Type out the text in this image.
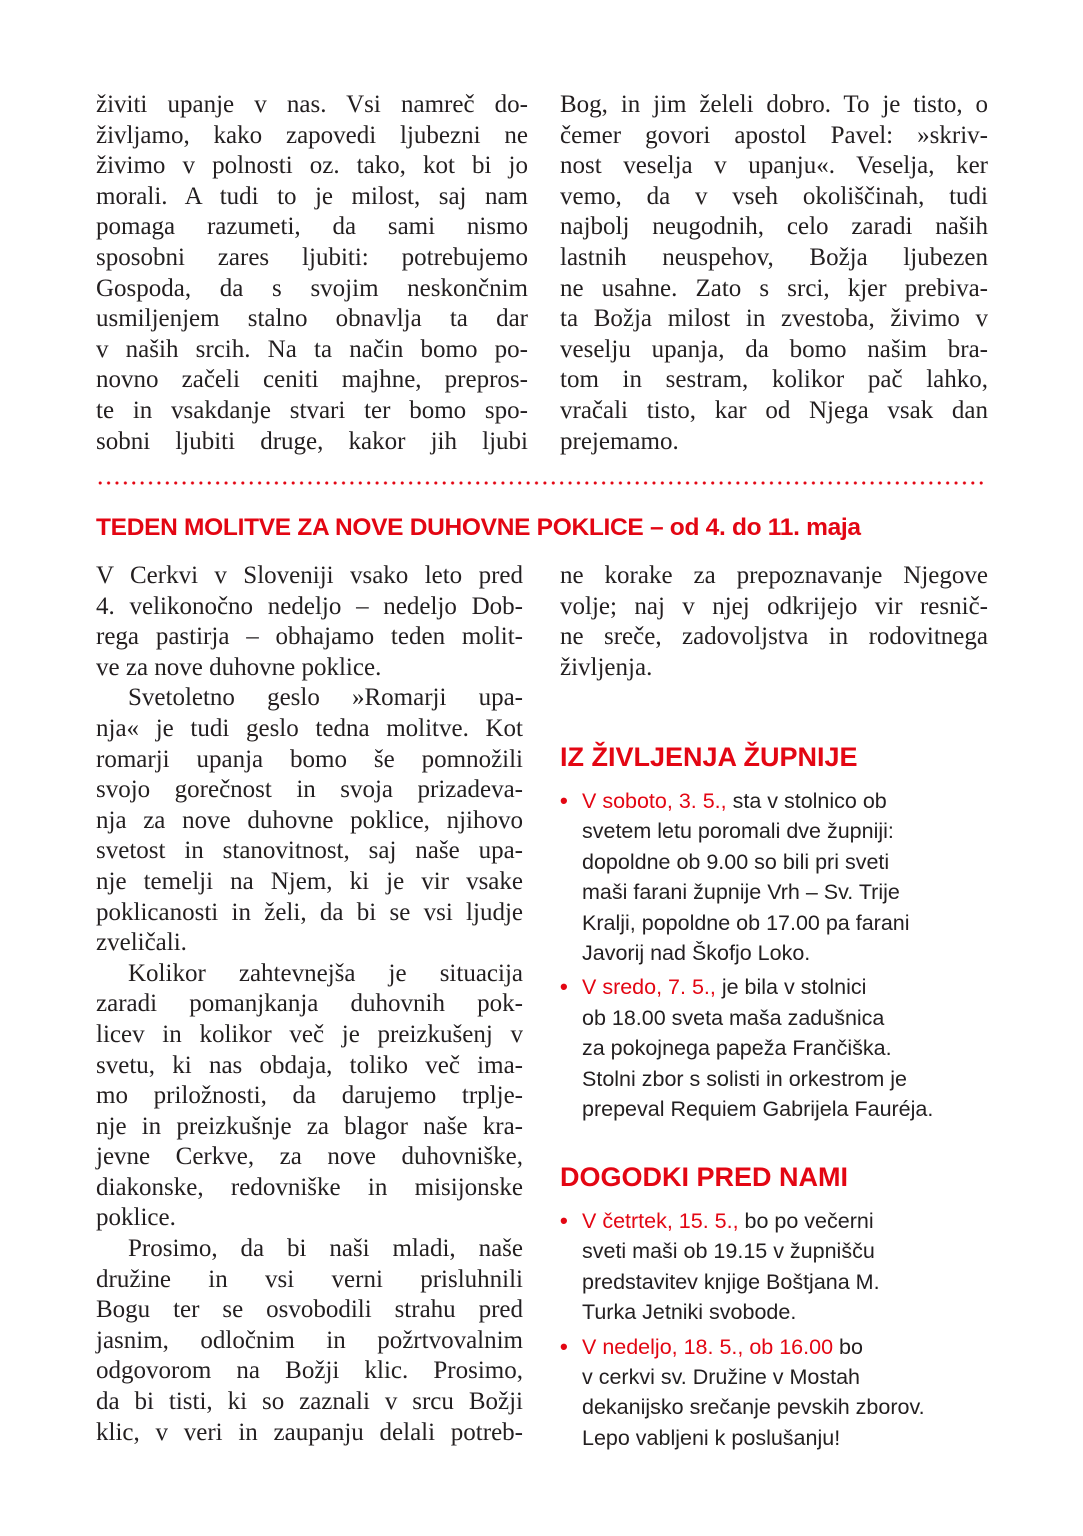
živiti upanje v nas. Vsi namreč do-
življamo, kako zapovedi ljubezni ne
živimo v polnosti oz. tako, kot bi jo
morali. A tudi to je milost, saj nam
pomaga razumeti, da sami nismo
sposobni zares ljubiti: potrebujemo
Gospoda, da s svojim neskončnim
usmiljenjem stalno obnavlja ta dar
v naših srcih. Na ta način bomo po-
novno začeli ceniti majhne, prepros-
te in vsakdanje stvari ter bomo spo-
sobni ljubiti druge, kakor jih ljubi
Bog, in jim želeli dobro. To je tisto, o
čemer govori apostol Pavel: »skriv-
nost veselja v upanju«. Veselja, ker
vemo, da v vseh okoliščinah, tudi
najbolj neugodnih, celo zaradi naših
lastnih neuspehov, Božja ljubezen
ne usahne. Zato s srci, kjer prebiva-
ta Božja milost in zvestoba, živimo v
veselju upanja, da bomo našim bra-
tom in sestram, kolikor pač lahko,
vračali tisto, kar od Njega vsak dan
prejemamo.
TEDEN MOLITVE ZA NOVE DUHOVNE POKLICE – od 4. do 11. maja
V Cerkvi v Sloveniji vsako leto pred
4. velikonočno nedeljo – nedeljo Dob-
rega pastirja – obhajamo teden molit-
ve za nove duhovne poklice.
Svetoletno geslo »Romarji upa-
nja« je tudi geslo tedna molitve. Kot
romarji upanja bomo še pomnožili
svojo gorečnost in svoja prizadeva-
nja za nove duhovne poklice, njihovo
svetost in stanovitnost, saj naše upa-
nje temelji na Njem, ki je vir vsake
poklicanosti in želi, da bi se vsi ljudje
zveličali.
Kolikor zahtevnejša je situacija
zaradi pomanjkanja duhovnih pok-
licev in kolikor več je preizkušenj v
svetu, ki nas obdaja, toliko več ima-
mo priložnosti, da darujemo trplje-
nje in preizkušnje za blagor naše kra-
jevne Cerkve, za nove duhovniške,
diakonske, redovniške in misijonske
poklice.
Prosimo, da bi naši mladi, naše
družine in vsi verni prisluhnili
Bogu ter se osvobodili strahu pred
jasnim, odločnim in požrtvovalnim
odgovorom na Božji klic. Prosimo,
da bi tisti, ki so zaznali v srcu Božji
klic, v veri in zaupanju delali potreb-
ne korake za prepoznavanje Njegove
volje; naj v njej odkrijejo vir resnič-
ne sreče, zadovoljstva in rodovitnega
življenja.
IZ ŽIVLJENJA ŽUPNIJE
• V soboto, 3. 5., sta v stolnico ob
svetem letu poromali dve župniji:
dopoldne ob 9.00 so bili pri sveti
maši farani župnije Vrh – Sv. Trije
Kralji, popoldne ob 17.00 pa farani
Javorij nad Škofjo Loko.
• V sredo, 7. 5., je bila v stolnici
ob 18.00 sveta maša zadušnica
za pokojnega papeža Frančiška.
Stolni zbor s solisti in orkestrom je
prepeval Requiem Gabrijela Fauréja.
DOGODKI PRED NAMI
• V četrtek, 15. 5., bo po večerni
sveti maši ob 19.15 v župnišču
predstavitev knjige Boštjana M.
Turka Jetniki svobode.
• V nedeljo, 18. 5., ob 16.00 bo
v cerkvi sv. Družine v Mostah
dekanijsko srečanje pevskih zborov.
Lepo vabljeni k poslušanju!
